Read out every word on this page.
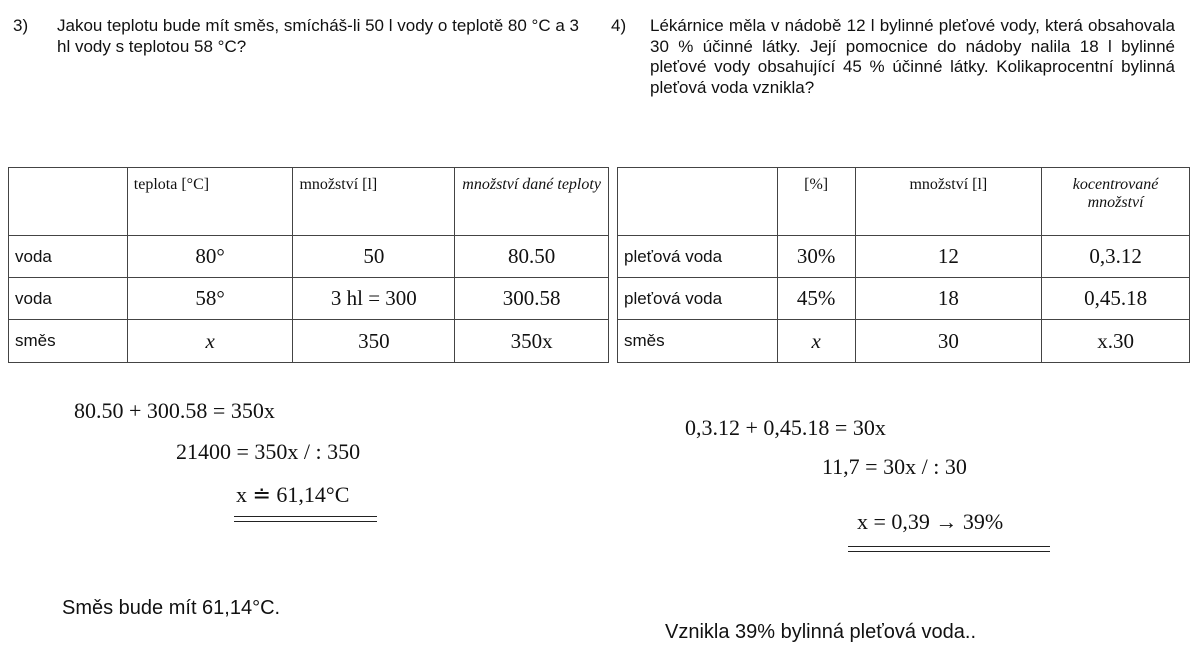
3) Jakou teplotu bude mít směs, smícháš-li 50 l vody o teplotě 80 °C a 3 hl vody s teplotou 58 °C?
4) Lékárnice měla v nádobě 12 l bylinné pleťové vody, která obsahovala 30 % účinné látky. Její pomocnice do nádoby nalila 18 l bylinné pleťové vody obsahující 45 % účinné látky. Kolikaprocentní bylinná pleťová voda vznikla?
	teplota [°C]	množství [l]	množství dané teploty
voda	80°	50	80.50
voda	58°	3 hl = 300	300.58
směs	x	350	350x
	[%]	množství [l]	kocentrované množství
pleťová voda	30%	12	0,3.12
pleťová voda	45%	18	0,45.18
směs	x	30	x.30
80.50 + 300.58 = 350x
21400 = 350x / : 350
x ≐ 61,14°C
0,3.12 + 0,45.18 = 30x
11,7 = 30x / : 30
x = 0,39 → 39%
Směs bude mít 61,14°C.
Vznikla 39% bylinná pleťová voda..
